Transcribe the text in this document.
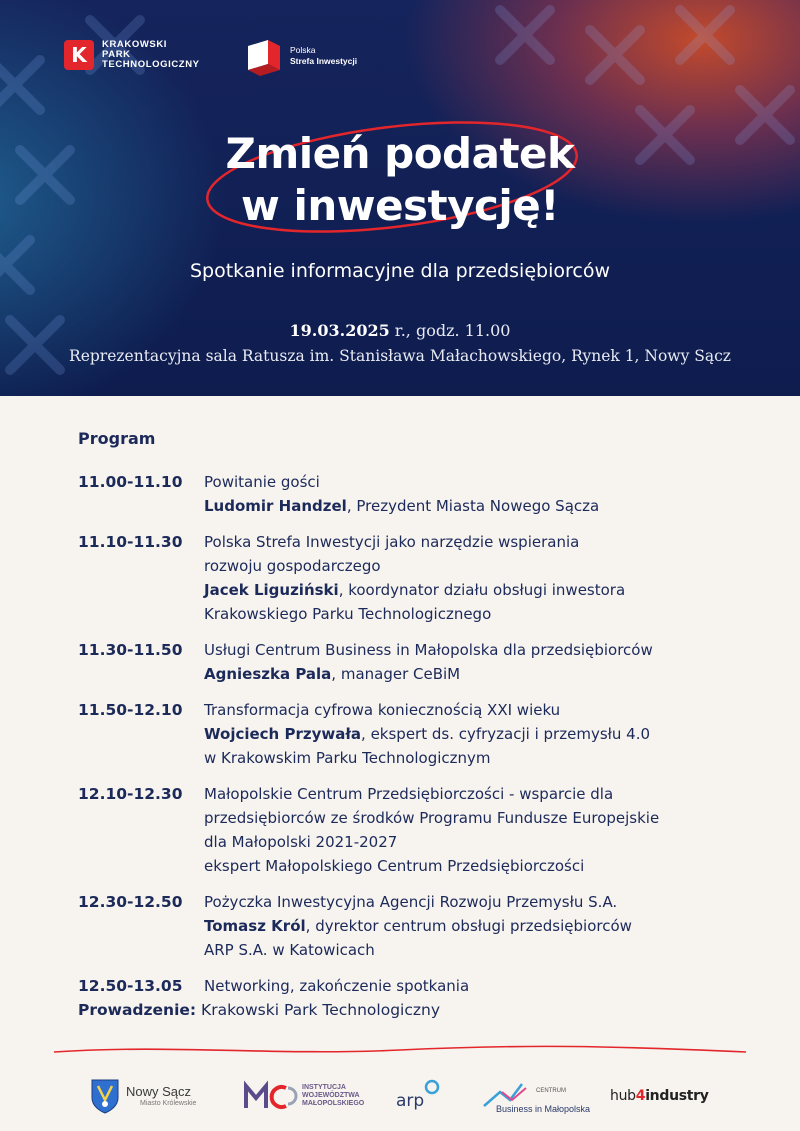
K	KRAKOWSKI
PARK
TECHNOLOGICZNY
Polska
Strefa Inwestycji
Zmień podatek
w inwestycję!
Spotkanie informacyjne dla przedsiębiorców
19.03.2025 r., godz. 11.00
Reprezentacyjna sala Ratusza im. Stanisława Małachowskiego, Rynek 1, Nowy Sącz
Program
11.00-11.10	Powitanie gości
Ludomir Handzel, Prezydent Miasta Nowego Sącza
11.10-11.30	Polska Strefa Inwestycji jako narzędzie wspierania
rozwoju gospodarczego
Jacek Liguziński, koordynator działu obsługi inwestora
Krakowskiego Parku Technologicznego
11.30-11.50	Usługi Centrum Business in Małopolska dla przedsiębiorców
Agnieszka Pala, manager CeBiM
11.50-12.10	Transformacja cyfrowa koniecznością XXI wieku
Wojciech Przywała, ekspert ds. cyfryzacji i przemysłu 4.0
w Krakowskim Parku Technologicznym
12.10-12.30	Małopolskie Centrum Przedsiębiorczości - wsparcie dla
przedsiębiorców ze środków Programu Fundusze Europejskie
dla Małopolski 2021-2027
ekspert Małopolskiego Centrum Przedsiębiorczości
12.30-12.50	Pożyczka Inwestycyjna Agencji Rozwoju Przemysłu S.A.
Tomasz Król, dyrektor centrum obsługi przedsiębiorców
ARP S.A. w Katowicach
12.50-13.05	Networking, zakończenie spotkania
Prowadzenie: Krakowski Park Technologiczny
Nowy Sącz
Miasto Królewskie
INSTYTUCJA
WOJEWÓDZTWA
MAŁOPOLSKIEGO arp	CENTRUM
Business in Małopolska
hub4industry
